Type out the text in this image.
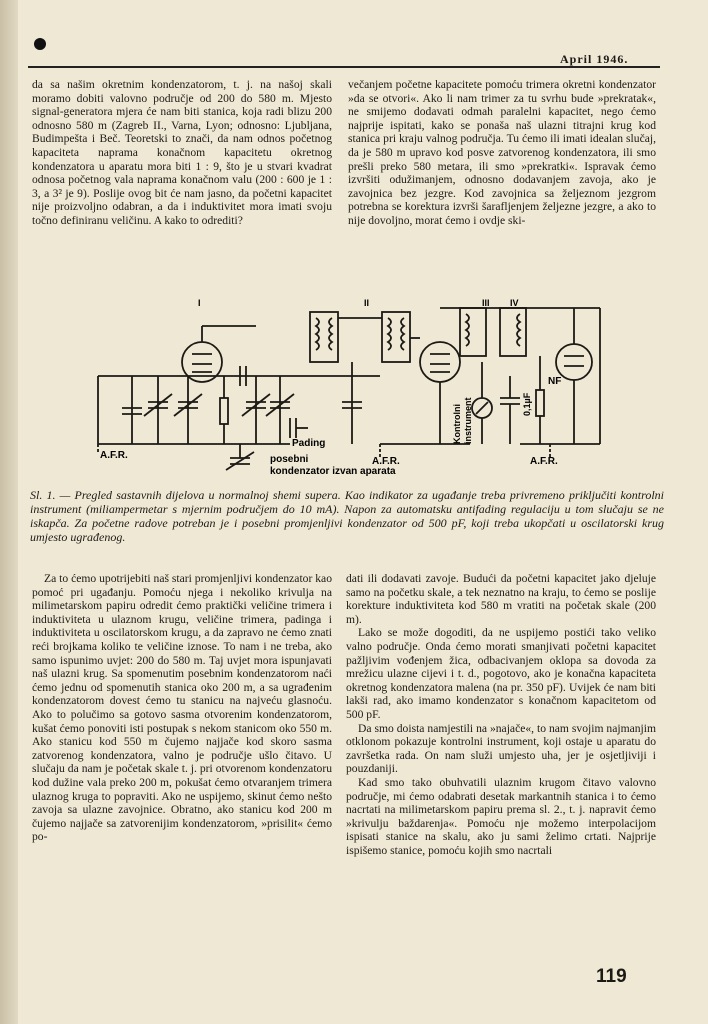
April 1946.

da sa našim okretnim kondenzatorom, t. j. na našoj skali moramo dobiti valovno područje od 200 do 580 m. Mjesto signal-generatora mjera će nam biti stanica, koja radi blizu 200 odnosno 580 m (Zagreb II., Varna, Lyon; odnosno: Ljubljana, Budimpešta i Beč. Teoretski to znači, da nam odnos početnog kapaciteta naprama konačnom kapacitetu okretnog kondenzatora u aparatu mora biti 1 : 9, što je u stvari kvadrat odnosa početnog vala naprama konačnom valu (200 : 600 je 1 : 3, a 3² je 9). Poslije ovog bit će nam jasno, da početni kapacitet nije proizvoljno odabran, a da i induktivitet mora imati svoju točno definiranu veličinu. A kako to odrediti?

večanjem početne kapacitete pomoću trimera okretni kondenzator »da se otvori«. Ako li nam trimer za tu svrhu bude »prekratak«, ne smijemo dodavati odmah paralelni kapacitet, nego ćemo najprije ispitati, kako se ponaša naš ulazni titrajni krug kod stanica pri kraju valnog područja. Tu ćemo ili imati idealan slučaj, da je 580 m upravo kod posve zatvorenog kondenzatora, ili smo prešli preko 580 metara, ili smo »prekratki«. Ispravak ćemo izvršiti odužimanjem, odnosno dodavanjem zavoja, ako je zavojnica bez jezgre. Kod zavojnica sa željeznom jezgrom potrebna se korektura izvrši šarafljenjem željezne jezgre, a ako to nije dovoljno, morat ćemo i ovdje ski-

A.F.R.
A.F.R.	A.F.R.
Pading
posebni
kondenzator izvan aparata
Kontrolni instrument	0,1µF
NF
I	II	III IV
Sl. 1. — Pregled sastavnih dijelova u normalnoj shemi supera. Kao indikator za ugađanje treba privremeno priključiti kontrolni instrument (miliampermetar s mjernim područjem do 10 mA). Napon za automatsku antifading regulaciju u tom slučaju se ne iskapča. Za početne radove potreban je i posebni promjenljivi kondenzator od 500 pF, koji treba ukopčati u oscilatorski krug umjesto ugrađenog.

Za to ćemo upotrijebiti naš stari promjenljivi kondenzator kao pomoć pri ugađanju. Pomoću njega i nekoliko krivulja na milimetarskom papiru odredit ćemo praktički veličine trimera i induktiviteta u ulaznom krugu, veličine trimera, padinga i induktiviteta u oscilatorskom krugu, a da zapravo ne ćemo znati reći brojkama koliko te veličine iznose. To nam i ne treba, ako samo ispunimo uvjet: 200 do 580 m. Taj uvjet mora ispunjavati naš ulazni krug. Sa spomenutim posebnim kondenzatorom naći ćemo jednu od spomenutih stanica oko 200 m, a sa ugrađenim kondenzatorom dovest ćemo tu stanicu na najveću glasnoću. Ako to polučimo sa gotovo sasma otvorenim kondenzatorom, kušat ćemo ponoviti isti postupak s nekom stanicom oko 550 m. Ako stanicu kod 550 m čujemo najjače kod skoro sasma zatvorenog kondenzatora, valno je područje ušlo čitavo. U slučaju da nam je početak skale t. j. pri otvorenom kondenzatoru kod dužine vala preko 200 m, pokušat ćemo otvaranjem trimera ulaznog kruga to popraviti. Ako ne uspijemo, skinut ćemo nešto zavoja sa ulazne zavojnice. Obratno, ako stanicu kod 200 m čujemo najjače sa zatvorenijim kondenzatorom, »prisilit« ćemo po-

dati ili dodavati zavoje. Budući da početni kapacitet jako djeluje samo na početku skale, a tek neznatno na kraju, to ćemo se poslije korekture induktiviteta kod 580 m vratiti na početak skale (200 m).

Lako se može dogoditi, da ne uspijemo postići tako veliko valno područje. Onda ćemo morati smanjivati početni kapacitet pažljivim vođenjem žica, odbacivanjem oklopa sa dovoda za mrežicu ulazne cijevi i t. d., pogotovo, ako je konačna kapaciteta okretnog kondenzatora malena (na pr. 350 pF). Uvijek će nam biti lakši rad, ako imamo kondenzator s konačnom kapacitetom od 500 pF.

Da smo doista namjestili na »najače«, to nam svojim najmanjim otklonom pokazuje kontrolni instrument, koji ostaje u aparatu do završetka rada. On nam služi umjesto uha, jer je osjetljiviji i pouzdaniji.

Kad smo tako obuhvatili ulaznim krugom čitavo valovno područje, mi ćemo odabrati desetak markantnih stanica i to ćemo nacrtati na milimetarskom papiru prema sl. 2., t. j. napravit ćemo »krivulju baždarenja«. Pomoću nje možemo interpolacijom ispisati stanice na skalu, ako ju sami želimo crtati. Najprije ispišemo stanice, pomoću kojih smo nacrtali

119
